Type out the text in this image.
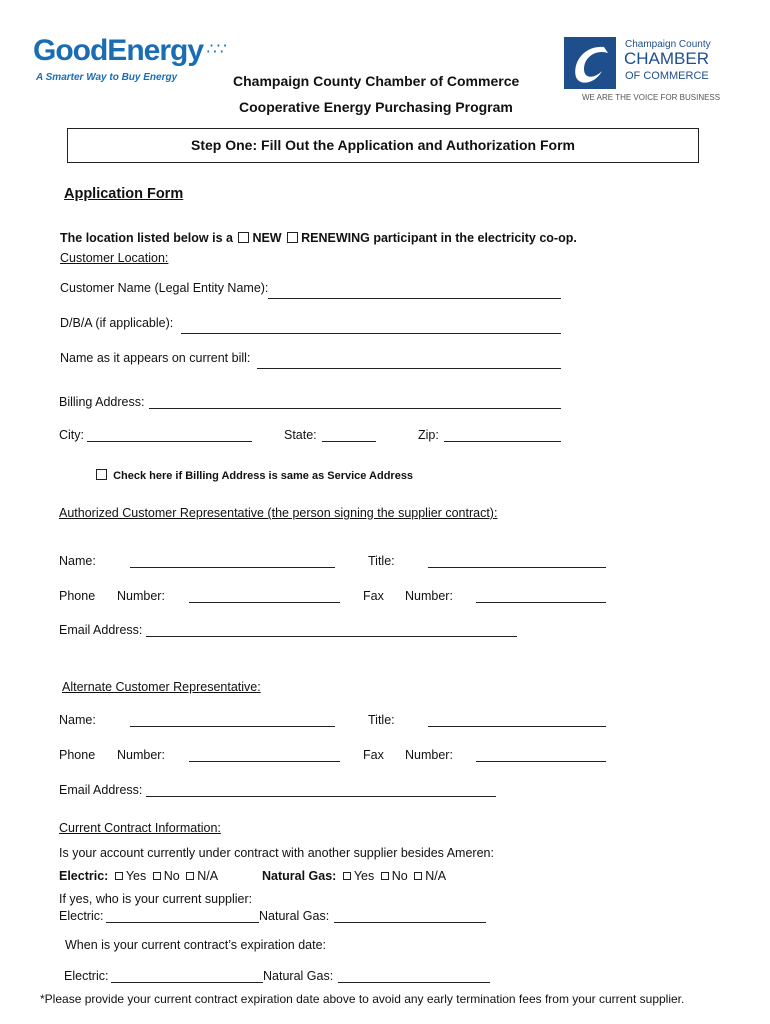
GoodEnergy ∴∵
A Smarter Way to Buy Energy
Champaign County
CHAMBER
OF COMMERCE
WE ARE THE VOICE FOR BUSINESS
Champaign County Chamber of Commerce
Cooperative Energy Purchasing Program
Step One: Fill Out the Application and Authorization Form
Application Form
The location listed below is a NEW RENEWING participant in the electricity co-op.
Customer Location:
Customer Name (Legal Entity Name):
D/B/A (if applicable):
Name as it appears on current bill:
Billing Address:
City:	State:	Zip:
Check here if Billing Address is same as Service Address
Authorized Customer Representative (the person signing the supplier contract):
Name:	Title:
Phone Number:	Fax Number:
Email Address:
Alternate Customer Representative:
Name:	Title:
Phone Number:	Fax Number:
Email Address:
Current Contract Information:
Is your account currently under contract with another supplier besides Ameren:
Electric: Yes No N/A	Natural Gas: Yes No N/A
If yes, who is your current supplier:
Electric:	Natural Gas:
When is your current contract’s expiration date:
Electric:	Natural Gas:
*Please provide your current contract expiration date above to avoid any early termination fees from your current supplier.
